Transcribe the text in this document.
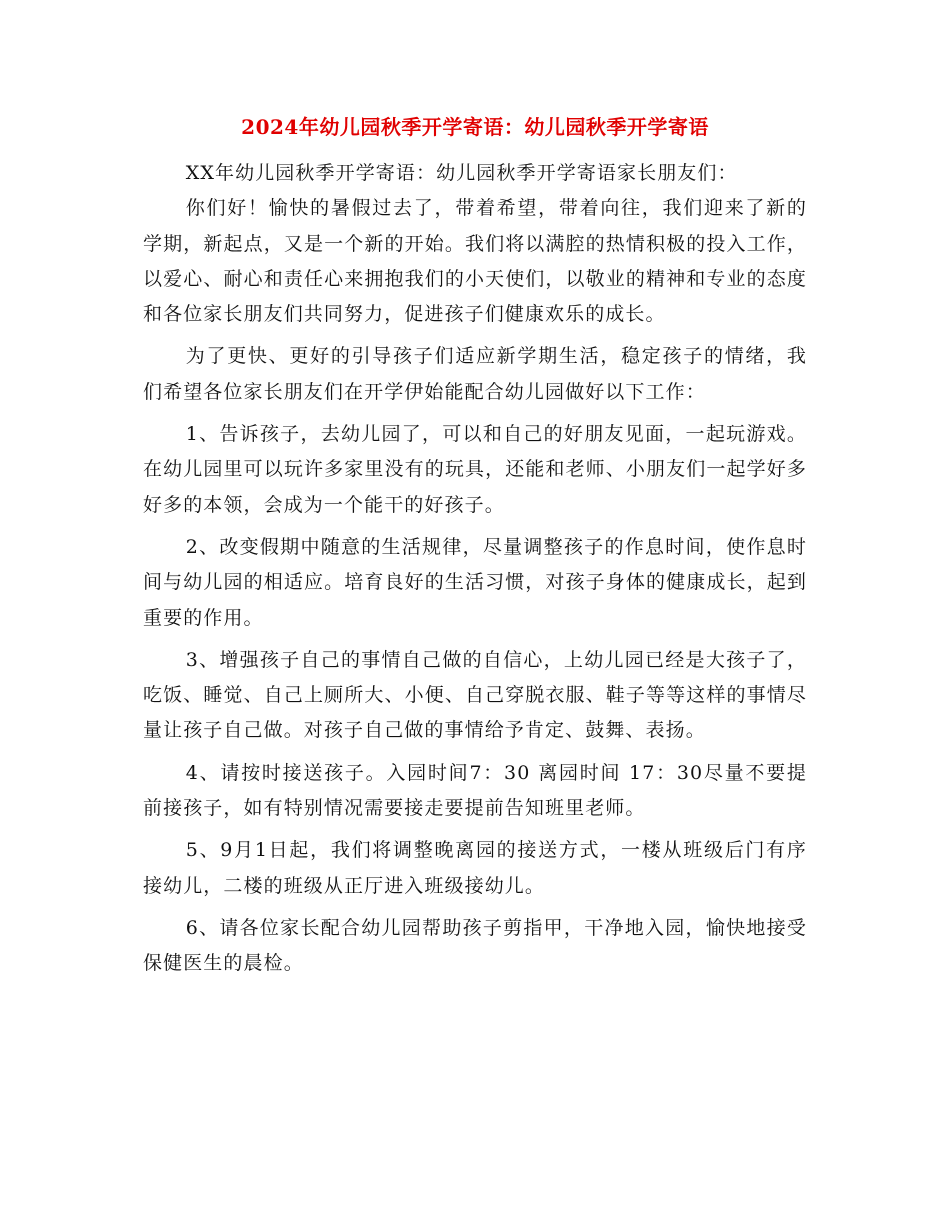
2024年幼儿园秋季开学寄语：幼儿园秋季开学寄语

XX年幼儿园秋季开学寄语：幼儿园秋季开学寄语家长朋友们：

你们好！愉快的暑假过去了，带着希望，带着向往，我们迎来了新的学期，新起点，又是一个新的开始。我们将以满腔的热情积极的投入工作，以爱心、耐心和责任心来拥抱我们的小天使们，以敬业的精神和专业的态度和各位家长朋友们共同努力，促进孩子们健康欢乐的成长。

为了更快、更好的引导孩子们适应新学期生活，稳定孩子的情绪，我们希望各位家长朋友们在开学伊始能配合幼儿园做好以下工作：

1、告诉孩子，去幼儿园了，可以和自己的好朋友见面，一起玩游戏。在幼儿园里可以玩许多家里没有的玩具，还能和老师、小朋友们一起学好多好多的本领，会成为一个能干的好孩子。

2、改变假期中随意的生活规律，尽量调整孩子的作息时间，使作息时间与幼儿园的相适应。培育良好的生活习惯，对孩子身体的健康成长，起到重要的作用。

3、增强孩子自己的事情自己做的自信心，上幼儿园已经是大孩子了，吃饭、睡觉、自己上厕所大、小便、自己穿脱衣服、鞋子等等这样的事情尽量让孩子自己做。对孩子自己做的事情给予肯定、鼓舞、表扬。

4、请按时接送孩子。入园时间7：30 离园时间 17：30尽量不要提前接孩子，如有特别情况需要接走要提前告知班里老师。

5、9月1日起，我们将调整晚离园的接送方式，一楼从班级后门有序接幼儿，二楼的班级从正厅进入班级接幼儿。

6、请各位家长配合幼儿园帮助孩子剪指甲，干净地入园，愉快地接受保健医生的晨检。
